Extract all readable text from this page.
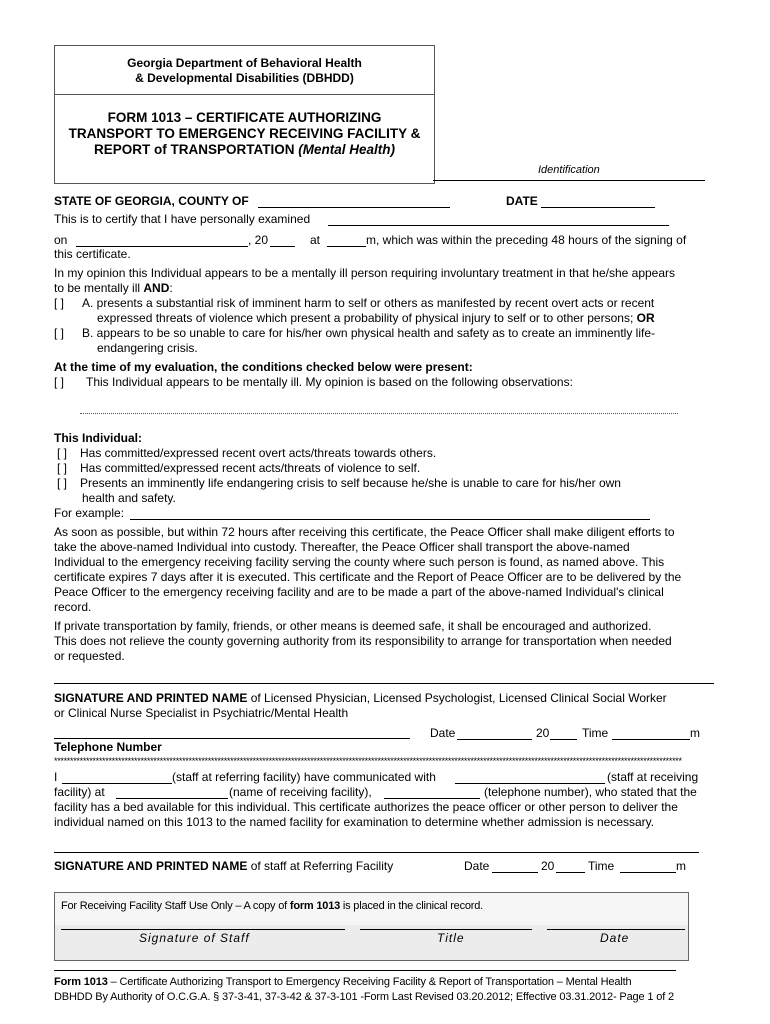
Georgia Department of Behavioral Health
& Developmental Disabilities (DBHDD)
FORM 1013 – CERTIFICATE AUTHORIZING
TRANSPORT TO EMERGENCY RECEIVING FACILITY &
REPORT of TRANSPORTATION (Mental Health)
Identification
STATE OF GEORGIA, COUNTY OF	DATE
This is to certify that I have personally examined
on	, 20	at	m, which was within the preceding 48 hours of the signing of
this certificate.
In my opinion this Individual appears to be a mentally ill person requiring involuntary treatment in that he/she appears
to be mentally ill AND:
[ ] A. presents a substantial risk of imminent harm to self or others as manifested by recent overt acts or recent
expressed threats of violence which present a probability of physical injury to self or to other persons; OR
[ ] B. appears to be so unable to care for his/her own physical health and safety as to create an imminently life-
endangering crisis.
At the time of my evaluation, the conditions checked below were present:
[ ] This Individual appears to be mentally ill. My opinion is based on the following observations:
This Individual:
[ ] Has committed/expressed recent overt acts/threats towards others.
[ ] Has committed/expressed recent acts/threats of violence to self.
[ ] Presents an imminently life endangering crisis to self because he/she is unable to care for his/her own
health and safety.
For example:
As soon as possible, but within 72 hours after receiving this certificate, the Peace Officer shall make diligent efforts to
take the above-named Individual into custody. Thereafter, the Peace Officer shall transport the above-named
Individual to the emergency receiving facility serving the county where such person is found, as named above. This
certificate expires 7 days after it is executed. This certificate and the Report of Peace Officer are to be delivered by the
Peace Officer to the emergency receiving facility and are to be made a part of the above-named Individual's clinical
record.
If private transportation by family, friends, or other means is deemed safe, it shall be encouraged and authorized.
This does not relieve the county governing authority from its responsibility to arrange for transportation when needed
or requested.
SIGNATURE AND PRINTED NAME of Licensed Physician, Licensed Psychologist, Licensed Clinical Social Worker
or Clinical Nurse Specialist in Psychiatric/Mental Health
Date	20	Time	m
Telephone Number
****************************************************************************************************************************************************************************************************
I	(staff at referring facility) have communicated with	(staff at receiving
facility) at	(name of receiving facility),	(telephone number), who stated that the
facility has a bed available for this individual. This certificate authorizes the peace officer or other person to deliver the
individual named on this 1013 to the named facility for examination to determine whether admission is necessary.
SIGNATURE AND PRINTED NAME of staff at Referring Facility	Date	20	Time	m
For Receiving Facility Staff Use Only – A copy of form 1013 is placed in the clinical record.
Signature of Staff	Title	Date
Form 1013 – Certificate Authorizing Transport to Emergency Receiving Facility & Report of Transportation – Mental Health
DBHDD By Authority of O.C.G.A. § 37-3-41, 37-3-42 & 37-3-101 -Form Last Revised 03.20.2012; Effective 03.31.2012- Page 1 of 2
